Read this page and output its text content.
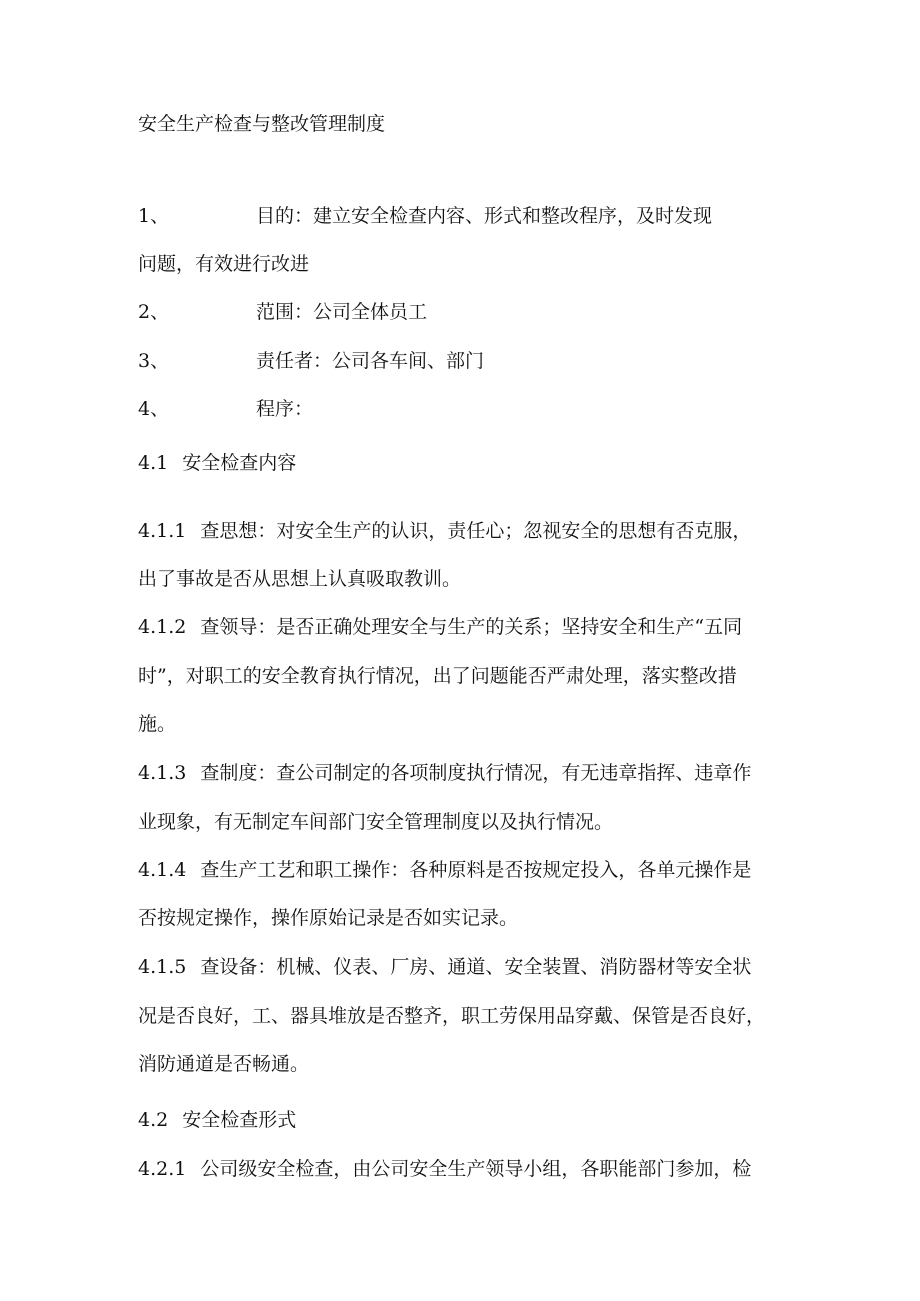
安全生产检查与整改管理制度
1、	目的：建立安全检查内容、形式和整改程序，及时发现
问题，有效进行改进
2、	范围：公司全体员工
3、	责任者：公司各车间、部门
4、	程序：
4.1 安全检查内容
4.1.1 查思想：对安全生产的认识，责任心；忽视安全的思想有否克服，
出了事故是否从思想上认真吸取教训。
4.1.2 查领导：是否正确处理安全与生产的关系；坚持安全和生产“五同
时”，对职工的安全教育执行情况，出了问题能否严肃处理，落实整改措
施。
4.1.3 查制度：查公司制定的各项制度执行情况，有无违章指挥、违章作
业现象，有无制定车间部门安全管理制度以及执行情况。
4.1.4 查生产工艺和职工操作：各种原料是否按规定投入，各单元操作是
否按规定操作，操作原始记录是否如实记录。
4.1.5 查设备：机械、仪表、厂房、通道、安全装置、消防器材等安全状
况是否良好，工、器具堆放是否整齐，职工劳保用品穿戴、保管是否良好，
消防通道是否畅通。
4.2 安全检查形式
4.2.1 公司级安全检查，由公司安全生产领导小组，各职能部门参加，检
